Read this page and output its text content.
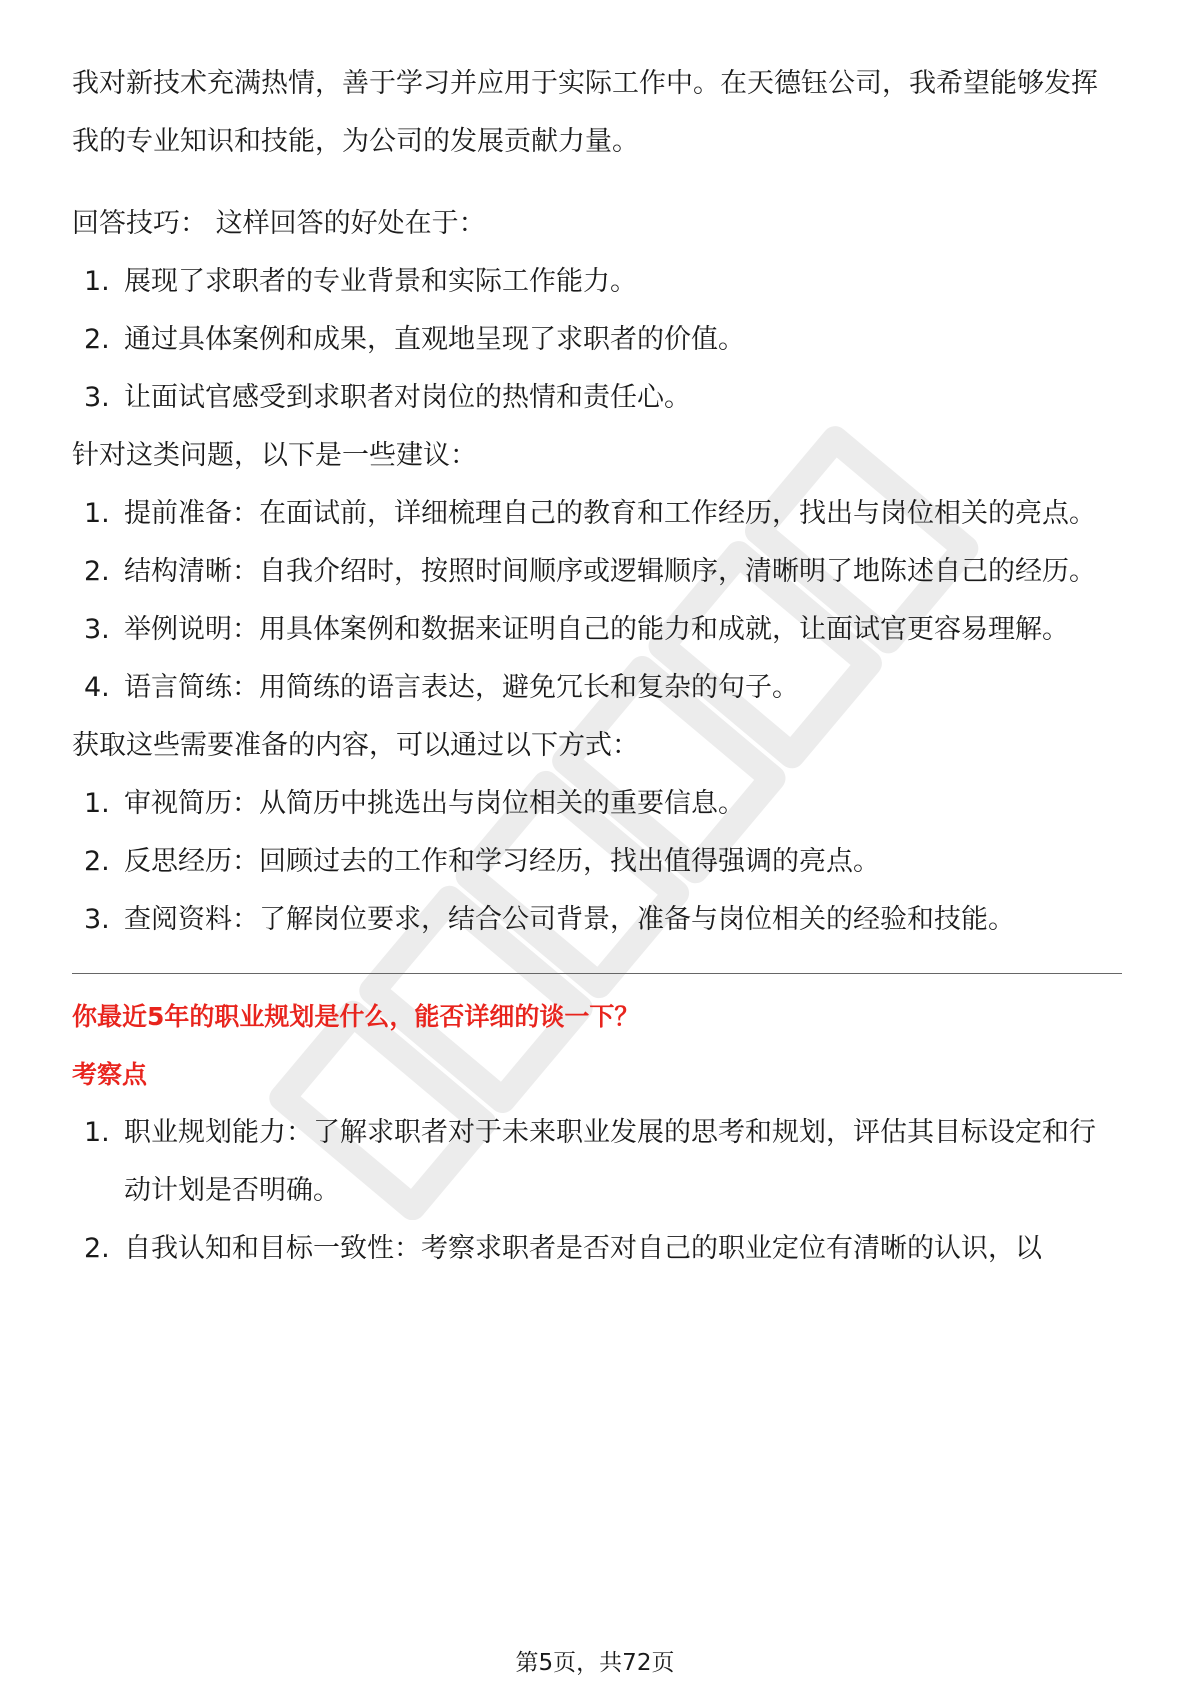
我对新技术充满热情，善于学习并应用于实际工作中。在天德钰公司，我希望能够发挥我的专业知识和技能，为公司的发展贡献力量。

回答技巧： 这样回答的好处在于：

1. 展现了求职者的专业背景和实际工作能力。
2. 通过具体案例和成果，直观地呈现了求职者的价值。
3. 让面试官感受到求职者对岗位的热情和责任心。

针对这类问题，以下是一些建议：

1. 提前准备：在面试前，详细梳理自己的教育和工作经历，找出与岗位相关的亮点。
2. 结构清晰：自我介绍时，按照时间顺序或逻辑顺序，清晰明了地陈述自己的经历。
3. 举例说明：用具体案例和数据来证明自己的能力和成就，让面试官更容易理解。
4. 语言简练：用简练的语言表达，避免冗长和复杂的句子。

获取这些需要准备的内容，可以通过以下方式：

1. 审视简历：从简历中挑选出与岗位相关的重要信息。
2. 反思经历：回顾过去的工作和学习经历，找出值得强调的亮点。
3. 查阅资料：了解岗位要求，结合公司背景，准备与岗位相关的经验和技能。

你最近5年的职业规划是什么，能否详细的谈一下？

考察点

1. 职业规划能力：了解求职者对于未来职业发展的思考和规划，评估其目标设定和行动计划是否明确。
2. 自我认知和目标一致性：考察求职者是否对自己的职业定位有清晰的认识，以
第5页，共72页
